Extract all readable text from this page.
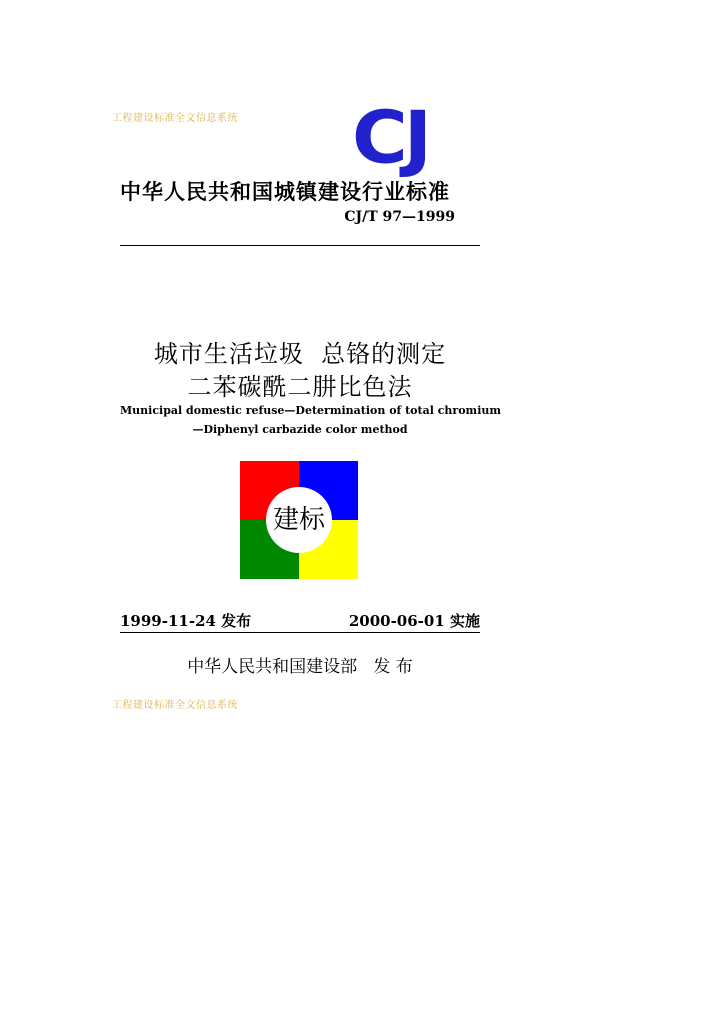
工程建设标准全文信息系统 CJ
中华人民共和国城镇建设行业标准
CJ/T 97—1999
城市生活垃圾  总铬的测定
二苯碳酰二肼比色法
Municipal domestic refuse—Determination of total chromium
—Diphenyl carbazide color method
建标
1999-11-24 发布	2000-06-01 实施
中华人民共和国建设部   发 布
工程建设标准全文信息系统
